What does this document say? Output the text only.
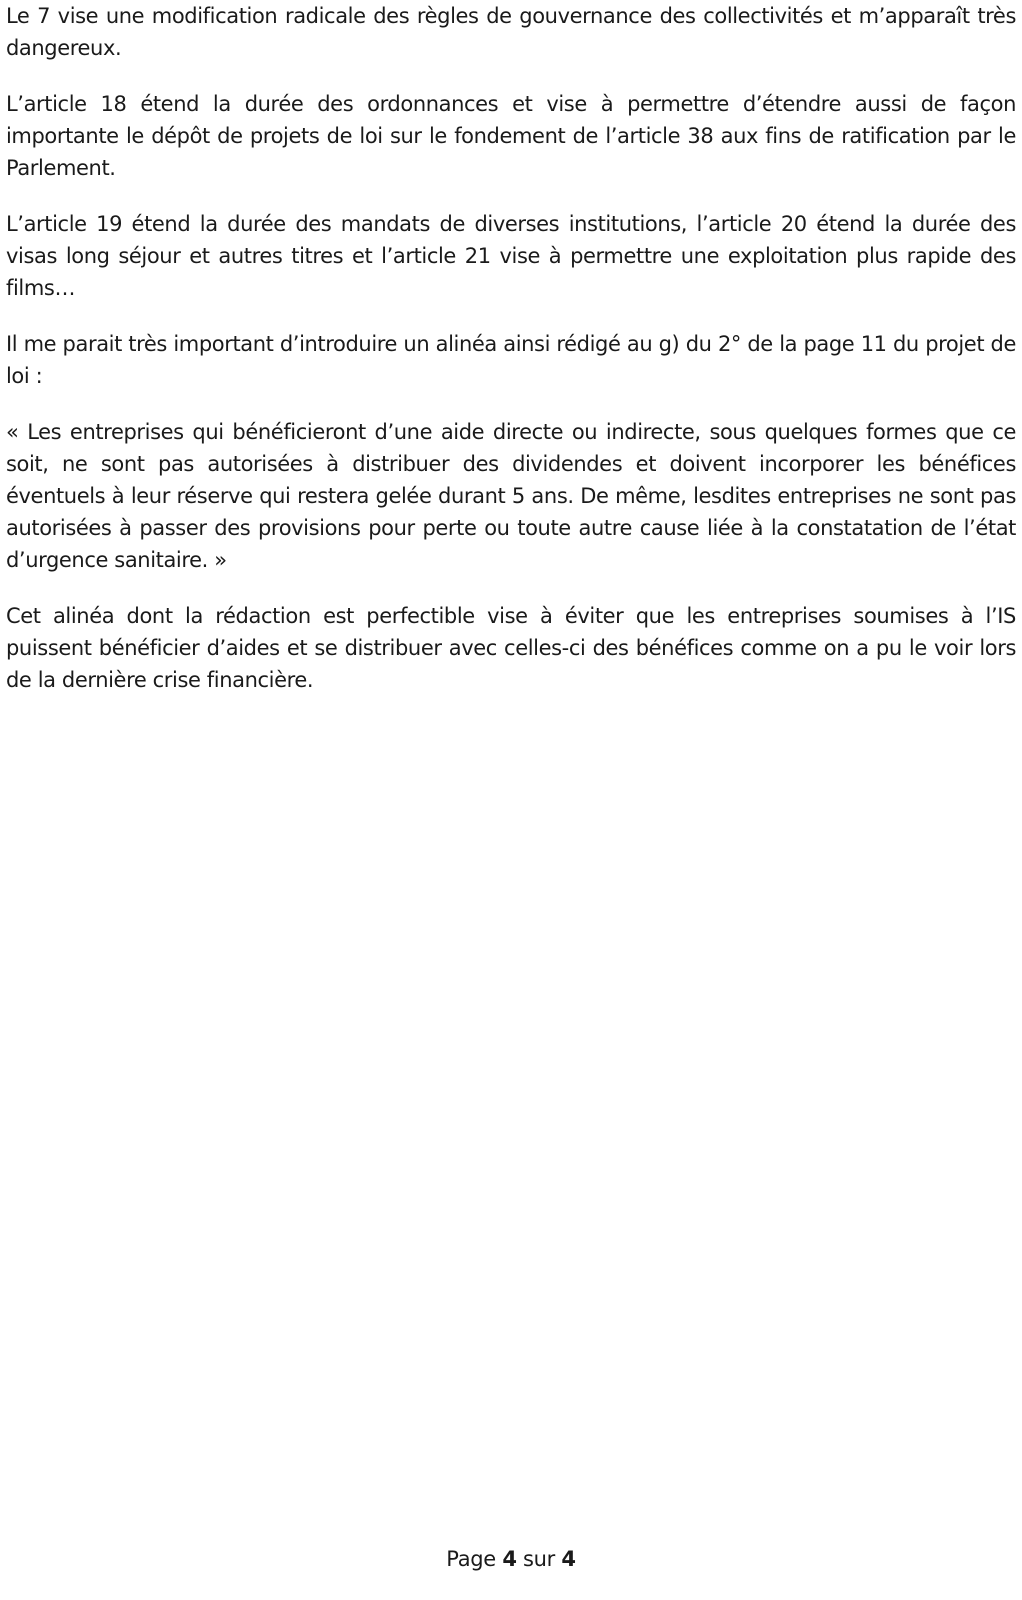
Le 7 vise une modification radicale des règles de gouvernance des collectivités et m’apparaît très dangereux.

L’article 18 étend la durée des ordonnances et vise à permettre d’étendre aussi de façon importante le dépôt de projets de loi sur le fondement de l’article 38 aux fins de ratification par le Parlement.

L’article 19 étend la durée des mandats de diverses institutions, l’article 20 étend la durée des visas long séjour et autres titres et l’article 21 vise à permettre une exploitation plus rapide des films…

Il me parait très important d’introduire un alinéa ainsi rédigé au g) du 2° de la page 11 du projet de loi :

« Les entreprises qui bénéficieront d’une aide directe ou indirecte, sous quelques formes que ce soit, ne sont pas autorisées à distribuer des dividendes et doivent incorporer les bénéfices éventuels à leur réserve qui restera gelée durant 5 ans. De même, lesdites entreprises ne sont pas autorisées à passer des provisions pour perte ou toute autre cause liée à la constatation de l’état d’urgence sanitaire. »

Cet alinéa dont la rédaction est perfectible vise à éviter que les entreprises soumises à l’IS puissent bénéficier d’aides et se distribuer avec celles-ci des bénéfices comme on a pu le voir lors de la dernière crise financière.

Page 4 sur 4
